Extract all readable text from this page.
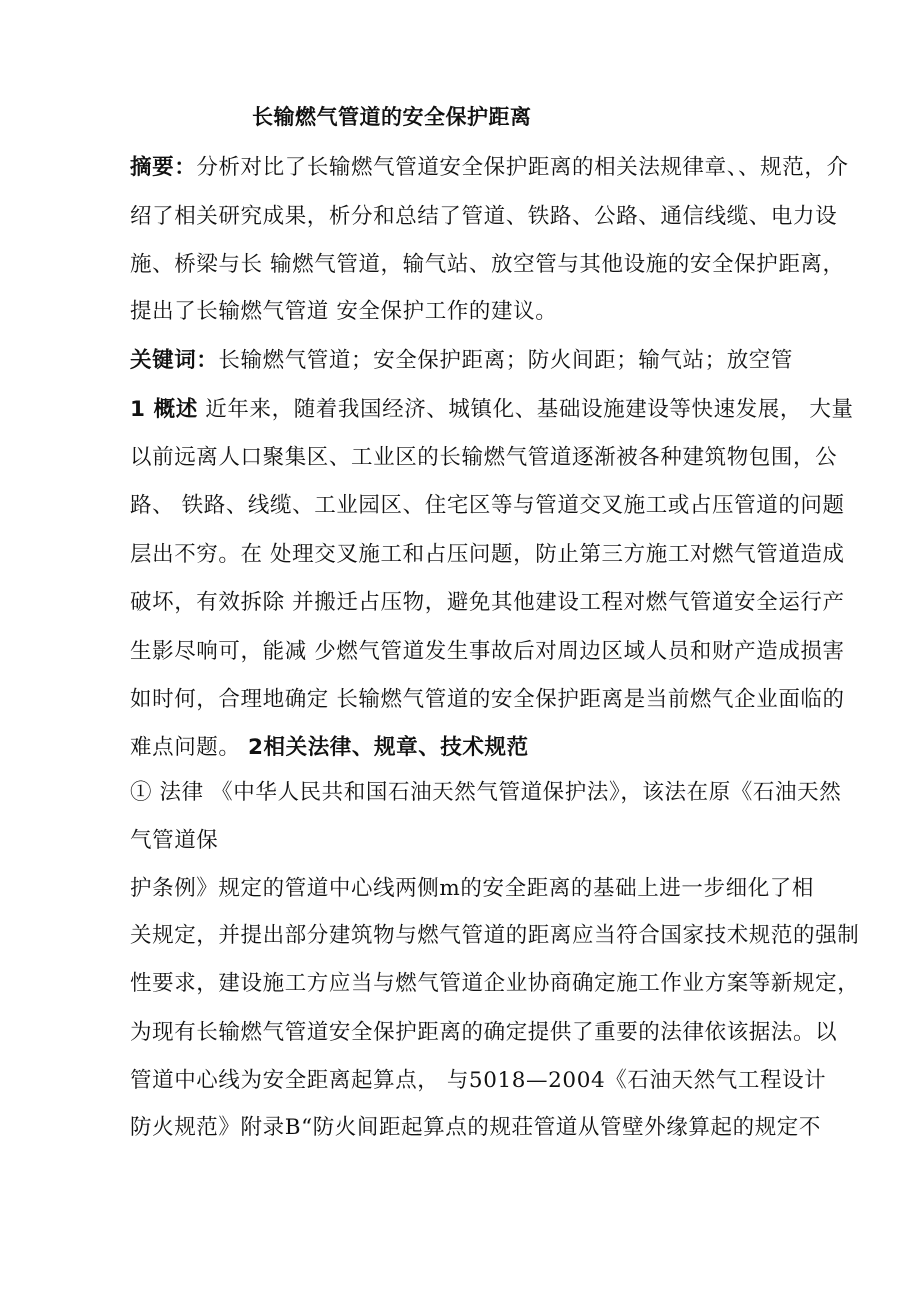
长输燃气管道的安全保护距离
摘要：分析对比了长输燃气管道安全保护距离的相关法规律章、、规范，介
绍了相关研究成果，析分和总结了管道、铁路、公路、通信线缆、电力设
施、桥梁与长 输燃气管道，输气站、放空管与其他设施的安全保护距离，
提出了长输燃气管道 安全保护工作的建议。
关键词：长输燃气管道；安全保护距离；防火间距；输气站；放空管
1 概述 近年来，随着我国经济、城镇化、基础设施建设等快速发展， 大量
以前远离人口聚集区、工业区的长输燃气管道逐渐被各种建筑物包围，公
路、 铁路、线缆、工业园区、住宅区等与管道交叉施工或占压管道的问题
层出不穷。在 处理交叉施工和占压问题，防止第三方施工对燃气管道造成
破坏，有效拆除 并搬迁占压物，避免其他建设工程对燃气管道安全运行产
生影尽响可，能减 少燃气管道发生事故后对周边区域人员和财产造成损害
如时何，合理地确定 长输燃气管道的安全保护距离是当前燃气企业面临的
难点问题。 2相关法律、规章、技术规范
① 法律 《中华人民共和国石油天然气管道保护法》，该法在原《石油天然
气管道保
护条例》规定的管道中心线两侧m的安全距离的基础上进一步细化了相
关规定，并提出部分建筑物与燃气管道的距离应当符合国家技术规范的强制
性要求，建设施工方应当与燃气管道企业协商确定施工作业方案等新规定，
为现有长输燃气管道安全保护距离的确定提供了重要的法律依该据法。以
管道中心线为安全距离起算点， 与5018—2004《石油天然气工程设计
防火规范》附录B“防火间距起算点的规荘管道从管壁外缘算起的规定不
